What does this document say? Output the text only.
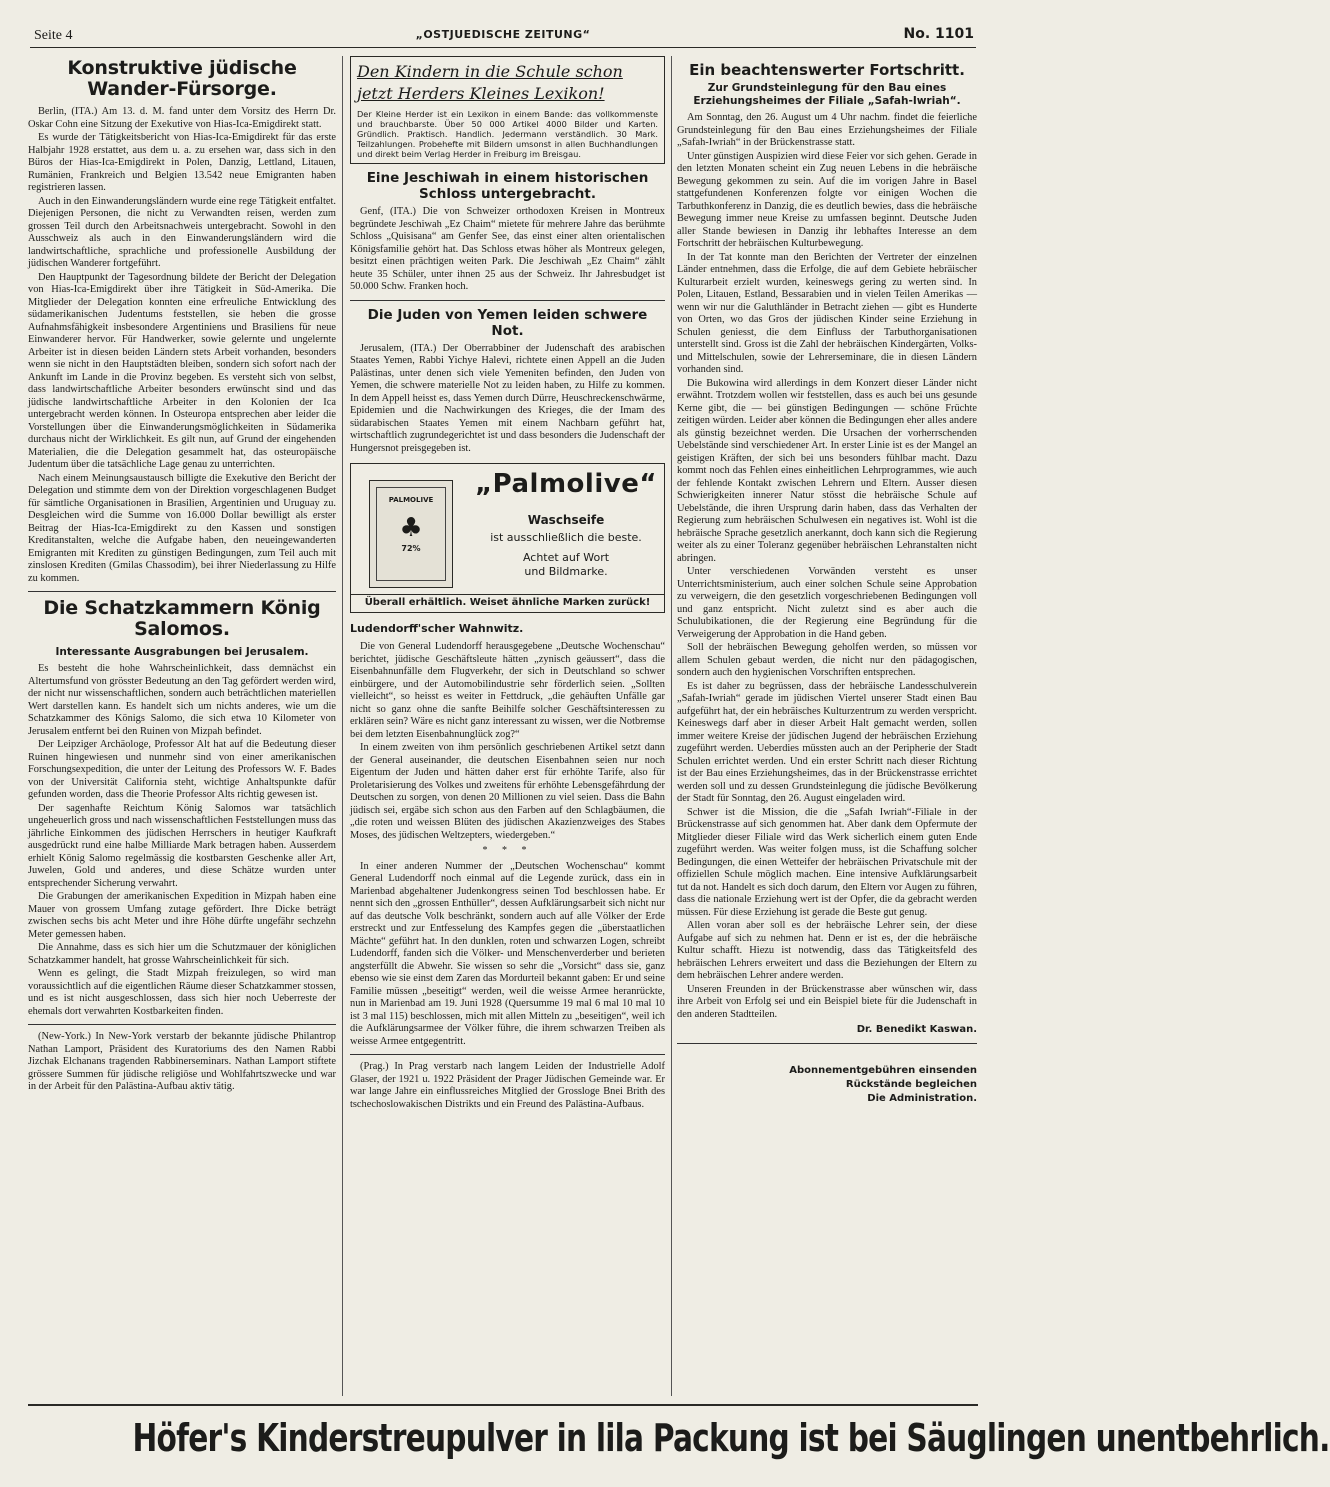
Seite 4	„OSTJUEDISCHE ZEITUNG“	No. 1101
Konstruktive jüdische Wander-Fürsorge.

Berlin, (ITA.) Am 13. d. M. fand unter dem Vorsitz des Herrn Dr. Oskar Cohn eine Sitzung der Exekutive von Hias-Ica-Emigdirekt statt.

Es wurde der Tätigkeitsbericht von Hias-Ica-Emigdirekt für das erste Halbjahr 1928 erstattet, aus dem u. a. zu ersehen war, dass sich in den Büros der Hias-Ica-Emigdirekt in Polen, Danzig, Lettland, Litauen, Rumänien, Frankreich und Belgien 13.542 neue Emigranten haben registrieren lassen.

Auch in den Einwanderungsländern wurde eine rege Tätigkeit entfaltet. Diejenigen Personen, die nicht zu Verwandten reisen, werden zum grossen Teil durch den Arbeitsnachweis untergebracht. Sowohl in den Ausschweiz als auch in den Einwanderungsländern wird die landwirtschaftliche, sprachliche und professionelle Ausbildung der jüdischen Wanderer fortgeführt.

Den Hauptpunkt der Tagesordnung bildete der Bericht der Delegation von Hias-Ica-Emigdirekt über ihre Tätigkeit in Süd-Amerika. Die Mitglieder der Delegation konnten eine erfreuliche Entwicklung des südamerikanischen Judentums feststellen, sie heben die grosse Aufnahmsfähigkeit insbesondere Argentiniens und Brasiliens für neue Einwanderer hervor. Für Handwerker, sowie gelernte und ungelernte Arbeiter ist in diesen beiden Ländern stets Arbeit vorhanden, besonders wenn sie nicht in den Hauptstädten bleiben, sondern sich sofort nach der Ankunft im Lande in die Provinz begeben. Es versteht sich von selbst, dass landwirtschaftliche Arbeiter besonders erwünscht sind und das jüdische landwirtschaftliche Arbeiter in den Kolonien der Ica untergebracht werden können. In Osteuropa entsprechen aber leider die Vorstellungen über die Einwanderungsmöglichkeiten in Südamerika durchaus nicht der Wirklichkeit. Es gilt nun, auf Grund der eingehenden Materialien, die die Delegation gesammelt hat, das osteuropäische Judentum über die tatsächliche Lage genau zu unterrichten.

Nach einem Meinungsaustausch billigte die Exekutive den Bericht der Delegation und stimmte dem von der Direktion vorgeschlagenen Budget für sämtliche Organisationen in Brasilien, Argentinien und Uruguay zu. Desgleichen wird die Summe von 16.000 Dollar bewilligt als erster Beitrag der Hias-Ica-Emigdirekt zu den Kassen und sonstigen Kreditanstalten, welche die Aufgabe haben, den neueingewanderten Emigranten mit Krediten zu günstigen Bedingungen, zum Teil auch mit zinslosen Krediten (Gmilas Chassodim), bei ihrer Niederlassung zu Hilfe zu kommen.

Die Schatzkammern König Salomos.
Interessante Ausgrabungen bei Jerusalem.

Es besteht die hohe Wahrscheinlichkeit, dass demnächst ein Altertumsfund von grösster Bedeutung an den Tag gefördert werden wird, der nicht nur wissenschaftlichen, sondern auch beträchtlichen materiellen Wert darstellen kann. Es handelt sich um nichts anderes, wie um die Schatzkammer des Königs Salomo, die sich etwa 10 Kilometer von Jerusalem entfernt bei den Ruinen von Mizpah befindet.

Der Leipziger Archäologe, Professor Alt hat auf die Bedeutung dieser Ruinen hingewiesen und nunmehr sind von einer amerikanischen Forschungsexpedition, die unter der Leitung des Professors W. F. Bades von der Universität California steht, wichtige Anhaltspunkte dafür gefunden worden, dass die Theorie Professor Alts richtig gewesen ist.

Der sagenhafte Reichtum König Salomos war tatsächlich ungeheuerlich gross und nach wissenschaftlichen Feststellungen muss das jährliche Einkommen des jüdischen Herrschers in heutiger Kaufkraft ausgedrückt rund eine halbe Milliarde Mark betragen haben. Ausserdem erhielt König Salomo regelmässig die kostbarsten Geschenke aller Art, Juwelen, Gold und anderes, und diese Schätze wurden unter entsprechender Sicherung verwahrt.

Die Grabungen der amerikanischen Expedition in Mizpah haben eine Mauer von grossem Umfang zutage gefördert. Ihre Dicke beträgt zwischen sechs bis acht Meter und ihre Höhe dürfte ungefähr sechzehn Meter gemessen haben.

Die Annahme, dass es sich hier um die Schutzmauer der königlichen Schatzkammer handelt, hat grosse Wahrscheinlichkeit für sich.

Wenn es gelingt, die Stadt Mizpah freizulegen, so wird man voraussichtlich auf die eigentlichen Räume dieser Schatzkammer stossen, und es ist nicht ausgeschlossen, dass sich hier noch Ueberreste der ehemals dort verwahrten Kostbarkeiten finden.

(New-York.) In New-York verstarb der bekannte jüdische Philantrop Nathan Lamport, Präsident des Kuratoriums des den Namen Rabbi Jizchak Elchanans tragenden Rabbinerseminars. Nathan Lamport stiftete grössere Summen für jüdische religiöse und Wohlfahrtszwecke und war in der Arbeit für den Palästina-Aufbau aktiv tätig.

Den Kindern in die Schule schon
jetzt Herders Kleines Lexikon!
Der Kleine Herder ist ein Lexikon in einem Bande: das vollkommenste und brauchbarste. Über 50 000 Artikel 4000 Bilder und Karten. Gründlich. Praktisch. Handlich. Jedermann verständlich. 30 Mark. Teilzahlungen. Probehefte mit Bildern umsonst in allen Buchhandlungen und direkt beim Verlag Herder in Freiburg im Breisgau.
Eine Jeschiwah in einem historischen Schloss untergebracht.

Genf, (ITA.) Die von Schweizer orthodoxen Kreisen in Montreux begründete Jeschiwah „Ez Chaim“ mietete für mehrere Jahre das berühmte Schloss „Quisisana“ am Genfer See, das einst einer alten orientalischen Königsfamilie gehört hat. Das Schloss etwas höher als Montreux gelegen, besitzt einen prächtigen weiten Park. Die Jeschiwah „Ez Chaim“ zählt heute 35 Schüler, unter ihnen 25 aus der Schweiz. Ihr Jahresbudget ist 50.000 Schw. Franken hoch.

Die Juden von Yemen leiden schwere Not.

Jerusalem, (ITA.) Der Oberrabbiner der Judenschaft des arabischen Staates Yemen, Rabbi Yichye Halevi, richtete einen Appell an die Juden Palästinas, unter denen sich viele Yemeniten befinden, den Juden von Yemen, die schwere materielle Not zu leiden haben, zu Hilfe zu kommen. In dem Appell heisst es, dass Yemen durch Dürre, Heuschreckenschwärme, Epidemien und die Nachwirkungen des Krieges, die der Imam des südarabischen Staates Yemen mit einem Nachbarn geführt hat, wirtschaftlich zugrundegerichtet ist und dass besonders die Judenschaft der Hungersnot preisgegeben ist.

PALMOLIVE
♣
72%
„Palmolive“
Waschseife
ist ausschließlich die beste.
Achtet auf Wort
und Bildmarke.
Überall erhältlich. Weiset ähnliche Marken zurück!
Ludendorff'scher Wahnwitz.

Die von General Ludendorff herausgegebene „Deutsche Wochenschau“ berichtet, jüdische Geschäftsleute hätten „zynisch geäussert“, dass die Eisenbahnunfälle dem Flugverkehr, der sich in Deutschland so schwer einbürgere, und der Automobilindustrie sehr förderlich seien. „Sollten vielleicht“, so heisst es weiter in Fettdruck, „die gehäuften Unfälle gar nicht so ganz ohne die sanfte Beihilfe solcher Geschäftsinteressen zu erklären sein? Wäre es nicht ganz interessant zu wissen, wer die Notbremse bei dem letzten Eisenbahnunglück zog?“

In einem zweiten von ihm persönlich geschriebenen Artikel setzt dann der General auseinander, die deutschen Eisenbahnen seien nur noch Eigentum der Juden und hätten daher erst für erhöhte Tarife, also für Proletarisierung des Volkes und zweitens für erhöhte Lebensgefährdung der Deutschen zu sorgen, von denen 20 Millionen zu viel seien. Dass die Bahn jüdisch sei, ergäbe sich schon aus den Farben auf den Schlagbäumen, die „die roten und weissen Blüten des jüdischen Akazienzweiges des Stabes Moses, des jüdischen Weltzepters, wiedergeben.“

* * *

In einer anderen Nummer der „Deutschen Wochenschau“ kommt General Ludendorff noch einmal auf die Legende zurück, dass ein in Marienbad abgehaltener Judenkongress seinen Tod beschlossen habe. Er nennt sich den „grossen Enthüller“, dessen Aufklärungsarbeit sich nicht nur auf das deutsche Volk beschränkt, sondern auch auf alle Völker der Erde erstreckt und zur Entfesselung des Kampfes gegen die „überstaatlichen Mächte“ geführt hat. In den dunklen, roten und schwarzen Logen, schreibt Ludendorff, fanden sich die Völker- und Menschenverderber und berieten angsterfüllt die Abwehr. Sie wissen so sehr die „Vorsicht“ dass sie, ganz ebenso wie sie einst dem Zaren das Mordurteil bekannt gaben: Er und seine Familie müssen „beseitigt“ werden, weil die weisse Armee heranrückte, nun in Marienbad am 19. Juni 1928 (Quersumme 19 mal 6 mal 10 mal 10 ist 3 mal 115) beschlossen, mich mit allen Mitteln zu „beseitigen“, weil ich die Aufklärungsarmee der Völker führe, die ihrem schwarzen Treiben als weisse Armee entgegentritt.

(Prag.) In Prag verstarb nach langem Leiden der Industrielle Adolf Glaser, der 1921 u. 1922 Präsident der Prager Jüdischen Gemeinde war. Er war lange Jahre ein einflussreiches Mitglied der Grossloge Bnei Brith des tschechoslowakischen Distrikts und ein Freund des Palästina-Aufbaus.

Ein beachtenswerter Fortschritt.
Zur Grundsteinlegung für den Bau eines Erziehungsheimes der Filiale „Safah-Iwriah“.

Am Sonntag, den 26. August um 4 Uhr nachm. findet die feierliche Grundsteinlegung für den Bau eines Erziehungsheimes der Filiale „Safah-Iwriah“ in der Brückenstrasse statt.

Unter günstigen Auspizien wird diese Feier vor sich gehen. Gerade in den letzten Monaten scheint ein Zug neuen Lebens in die hebräische Bewegung gekommen zu sein. Auf die im vorigen Jahre in Basel stattgefundenen Konferenzen folgte vor einigen Wochen die Tarbuthkonferenz in Danzig, die es deutlich bewies, dass die hebräische Bewegung immer neue Kreise zu umfassen beginnt. Deutsche Juden aller Stande bewiesen in Danzig ihr lebhaftes Interesse an dem Fortschritt der hebräischen Kulturbewegung.

In der Tat konnte man den Berichten der Vertreter der einzelnen Länder entnehmen, dass die Erfolge, die auf dem Gebiete hebräischer Kulturarbeit erzielt wurden, keineswegs gering zu werten sind. In Polen, Litauen, Estland, Bessarabien und in vielen Teilen Amerikas — wenn wir nur die Galuthländer in Betracht ziehen — gibt es Hunderte von Orten, wo das Gros der jüdischen Kinder seine Erziehung in Schulen geniesst, die dem Einfluss der Tarbuthorganisationen unterstellt sind. Gross ist die Zahl der hebräischen Kindergärten, Volks- und Mittelschulen, sowie der Lehrerseminare, die in diesen Ländern vorhanden sind.

Die Bukowina wird allerdings in dem Konzert dieser Länder nicht erwähnt. Trotzdem wollen wir feststellen, dass es auch bei uns gesunde Kerne gibt, die — bei günstigen Bedingungen — schöne Früchte zeitigen würden. Leider aber können die Bedingungen eher alles andere als günstig bezeichnet werden. Die Ursachen der vorherrschenden Uebelstände sind verschiedener Art. In erster Linie ist es der Mangel an geistigen Kräften, der sich bei uns besonders fühlbar macht. Dazu kommt noch das Fehlen eines einheitlichen Lehrprogrammes, wie auch der fehlende Kontakt zwischen Lehrern und Eltern. Ausser diesen Schwierigkeiten innerer Natur stösst die hebräische Schule auf Uebelstände, die ihren Ursprung darin haben, dass das Verhalten der Regierung zum hebräischen Schulwesen ein negatives ist. Wohl ist die hebräische Sprache gesetzlich anerkannt, doch kann sich die Regierung weiter als zu einer Toleranz gegenüber hebräischen Lehranstalten nicht abringen.

Unter verschiedenen Vorwänden versteht es unser Unterrichtsministerium, auch einer solchen Schule seine Approbation zu verweigern, die den gesetzlich vorgeschriebenen Bedingungen voll und ganz entspricht. Nicht zuletzt sind es aber auch die Schulubikationen, die der Regierung eine Begründung für die Verweigerung der Approbation in die Hand geben.

Soll der hebräischen Bewegung geholfen werden, so müssen vor allem Schulen gebaut werden, die nicht nur den pädagogischen, sondern auch den hygienischen Vorschriften entsprechen.

Es ist daher zu begrüssen, dass der hebräische Landesschulverein „Safah-Iwriah“ gerade im jüdischen Viertel unserer Stadt einen Bau aufgeführt hat, der ein hebräisches Kulturzentrum zu werden verspricht. Keineswegs darf aber in dieser Arbeit Halt gemacht werden, sollen immer weitere Kreise der jüdischen Jugend der hebräischen Erziehung zugeführt werden. Ueberdies müssten auch an der Peripherie der Stadt Schulen errichtet werden. Und ein erster Schritt nach dieser Richtung ist der Bau eines Erziehungsheimes, das in der Brückenstrasse errichtet werden soll und zu dessen Grundsteinlegung die jüdische Bevölkerung der Stadt für Sonntag, den 26. August eingeladen wird.

Schwer ist die Mission, die die „Safah Iwriah“-Filiale in der Brückenstrasse auf sich genommen hat. Aber dank dem Opfermute der Mitglieder dieser Filiale wird das Werk sicherlich einem guten Ende zugeführt werden. Was weiter folgen muss, ist die Schaffung solcher Bedingungen, die einen Wetteifer der hebräischen Privatschule mit der offiziellen Schule möglich machen. Eine intensive Aufklärungsarbeit tut da not. Handelt es sich doch darum, den Eltern vor Augen zu führen, dass die nationale Erziehung wert ist der Opfer, die da gebracht werden müssen. Für diese Erziehung ist gerade die Beste gut genug.

Allen voran aber soll es der hebräische Lehrer sein, der diese Aufgabe auf sich zu nehmen hat. Denn er ist es, der die hebräische Kultur schafft. Hiezu ist notwendig, dass das Tätigkeitsfeld des hebräischen Lehrers erweitert und dass die Beziehungen der Eltern zu dem hebräischen Lehrer andere werden.

Unseren Freunden in der Brückenstrasse aber wünschen wir, dass ihre Arbeit von Erfolg sei und ein Beispiel biete für die Judenschaft in den anderen Stadtteilen.

Dr. Benedikt Kaswan.
Abonnementgebühren einsenden
Rückstände begleichen
Die Administration.
Höfer's Kinderstreupulver in lila Packung ist bei Säuglingen unentbehrlich.
